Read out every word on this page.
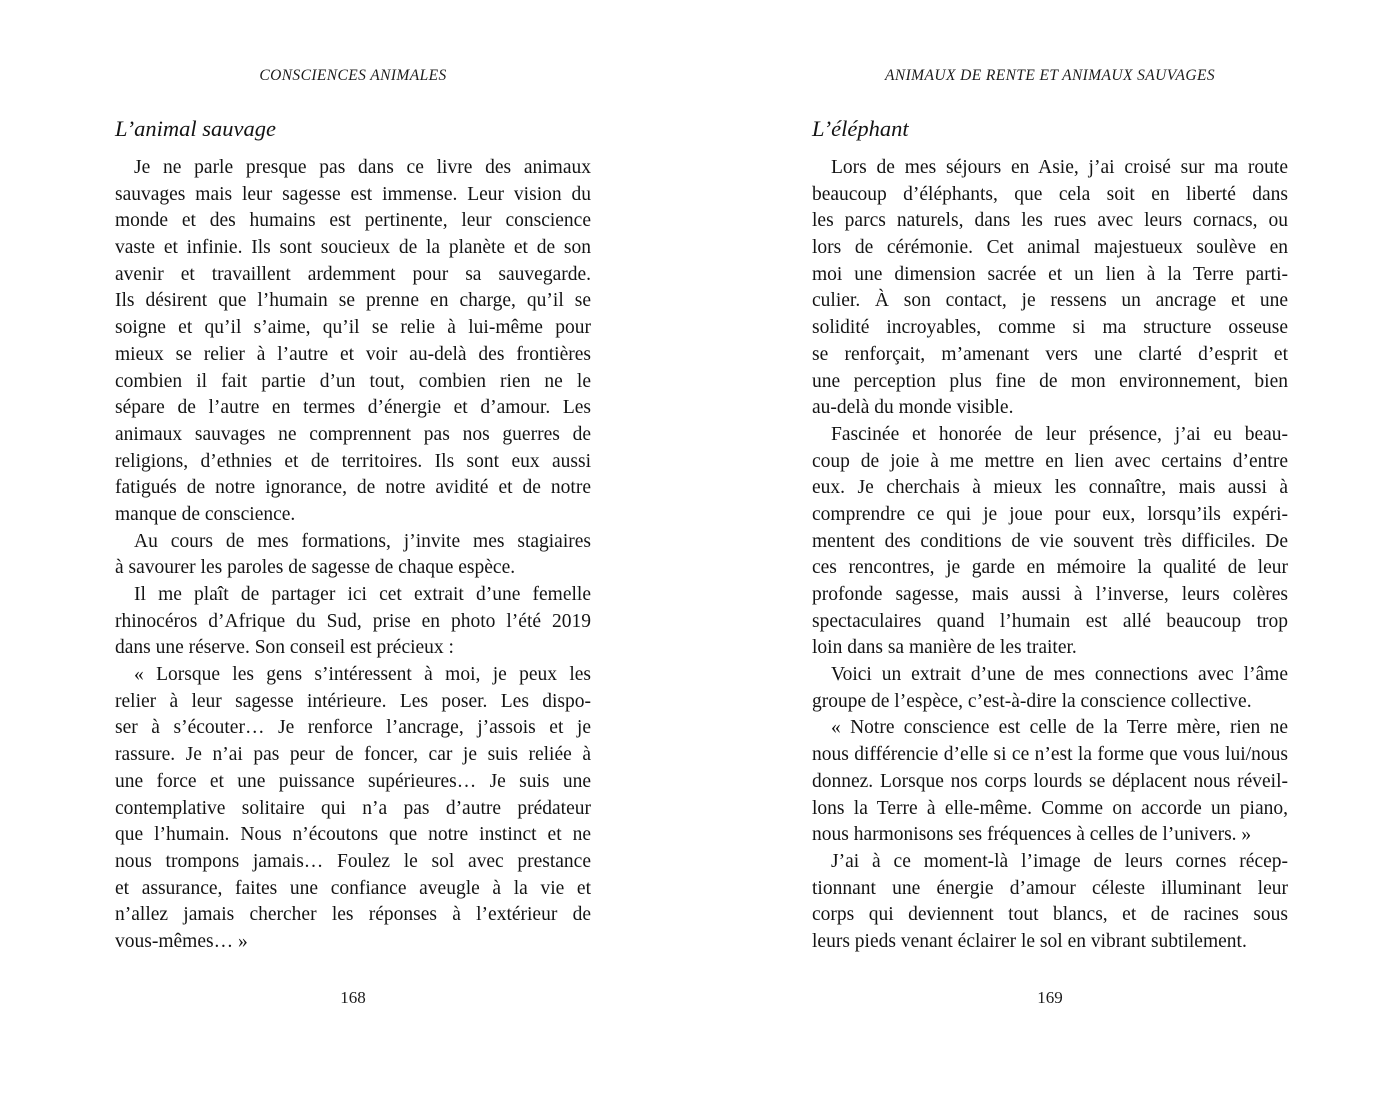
CONSCIENCES ANIMALES
L’animal sauvage
Je ne parle presque pas dans ce livre des animaux
sauvages mais leur sagesse est immense. Leur vision du
monde et des humains est pertinente, leur conscience
vaste et infinie. Ils sont soucieux de la planète et de son
avenir et travaillent ardemment pour sa sauvegarde.
Ils désirent que l’humain se prenne en charge, qu’il se
soigne et qu’il s’aime, qu’il se relie à lui-même pour
mieux se relier à l’autre et voir au-delà des frontières
combien il fait partie d’un tout, combien rien ne le
sépare de l’autre en termes d’énergie et d’amour. Les
animaux sauvages ne comprennent pas nos guerres de
religions, d’ethnies et de territoires. Ils sont eux aussi
fatigués de notre ignorance, de notre avidité et de notre
manque de conscience.
Au cours de mes formations, j’invite mes stagiaires
à savourer les paroles de sagesse de chaque espèce.
Il me plaît de partager ici cet extrait d’une femelle
rhinocéros d’Afrique du Sud, prise en photo l’été 2019
dans une réserve. Son conseil est précieux :
« Lorsque les gens s’intéressent à moi, je peux les
relier à leur sagesse intérieure. Les poser. Les dispo-
ser à s’écouter… Je renforce l’ancrage, j’assois et je
rassure. Je n’ai pas peur de foncer, car je suis reliée à
une force et une puissance supérieures… Je suis une
contemplative solitaire qui n’a pas d’autre prédateur
que l’humain. Nous n’écoutons que notre instinct et ne
nous trompons jamais… Foulez le sol avec prestance
et assurance, faites une confiance aveugle à la vie et
n’allez jamais chercher les réponses à l’extérieur de
vous-mêmes… »
168
ANIMAUX DE RENTE ET ANIMAUX SAUVAGES
L’éléphant
Lors de mes séjours en Asie, j’ai croisé sur ma route
beaucoup d’éléphants, que cela soit en liberté dans
les parcs naturels, dans les rues avec leurs cornacs, ou
lors de cérémonie. Cet animal majestueux soulève en
moi une dimension sacrée et un lien à la Terre parti-
culier. À son contact, je ressens un ancrage et une
solidité incroyables, comme si ma structure osseuse
se renforçait, m’amenant vers une clarté d’esprit et
une perception plus fine de mon environnement, bien
au-delà du monde visible.
Fascinée et honorée de leur présence, j’ai eu beau-
coup de joie à me mettre en lien avec certains d’entre
eux. Je cherchais à mieux les connaître, mais aussi à
comprendre ce qui je joue pour eux, lorsqu’ils expéri-
mentent des conditions de vie souvent très difficiles. De
ces rencontres, je garde en mémoire la qualité de leur
profonde sagesse, mais aussi à l’inverse, leurs colères
spectaculaires quand l’humain est allé beaucoup trop
loin dans sa manière de les traiter.
Voici un extrait d’une de mes connections avec l’âme
groupe de l’espèce, c’est-à-dire la conscience collective.
« Notre conscience est celle de la Terre mère, rien ne
nous différencie d’elle si ce n’est la forme que vous lui/nous
donnez. Lorsque nos corps lourds se déplacent nous réveil-
lons la Terre à elle-même. Comme on accorde un piano,
nous harmonisons ses fréquences à celles de l’univers. »
J’ai à ce moment-là l’image de leurs cornes récep-
tionnant une énergie d’amour céleste illuminant leur
corps qui deviennent tout blancs, et de racines sous
leurs pieds venant éclairer le sol en vibrant subtilement.
169
